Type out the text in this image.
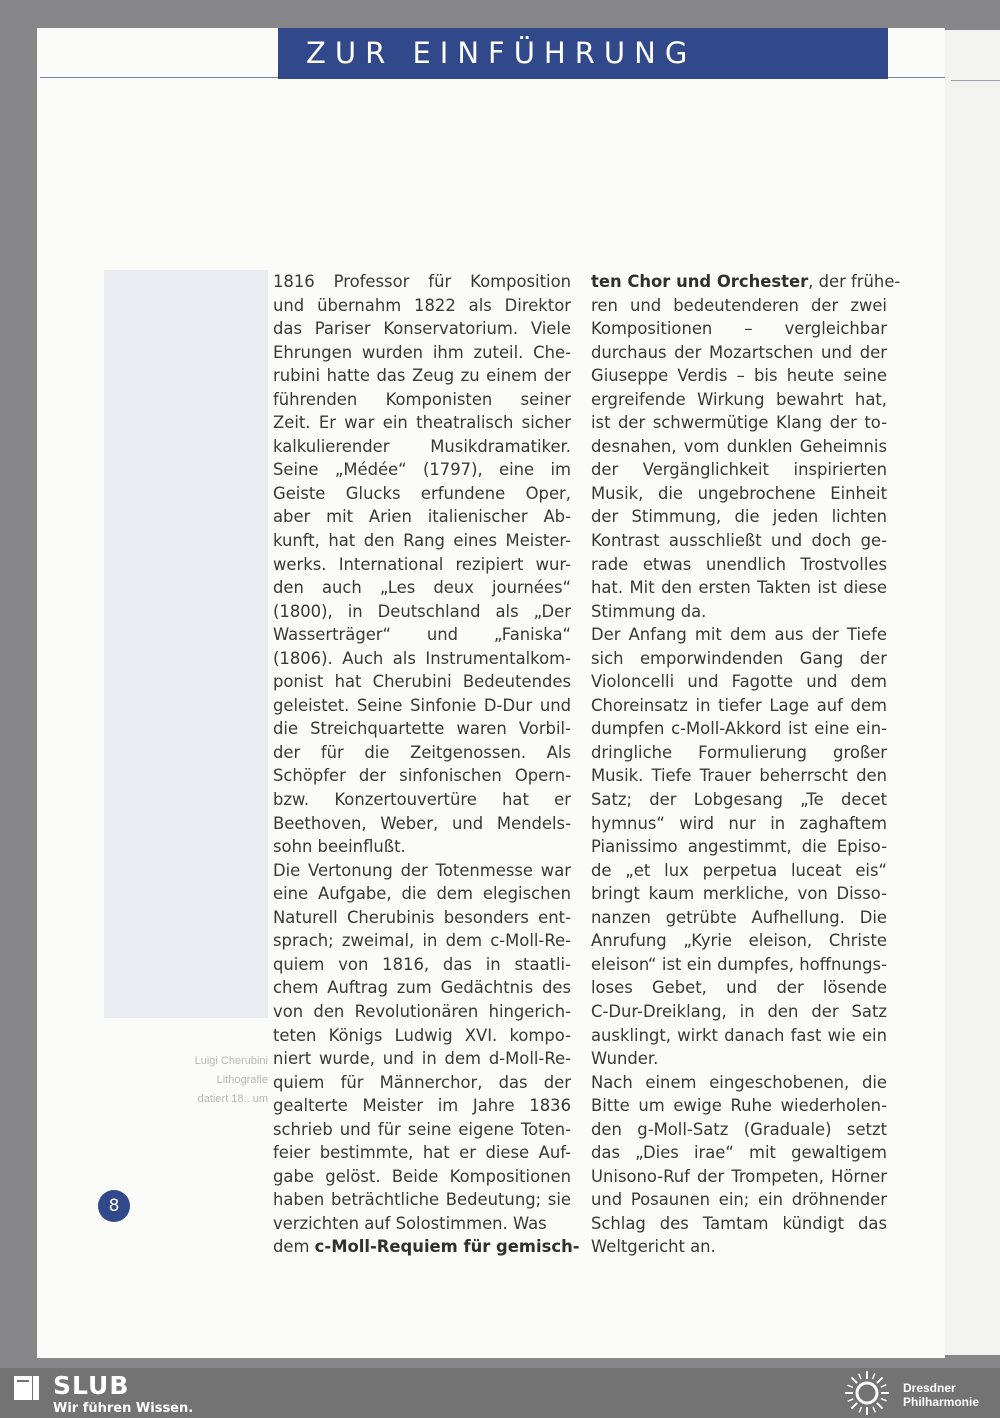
ZUR EINFÜHRUNG
Luigi Cherubini
Lithografie
datiert 18.. um
8
1816 Professor für Komposition
und übernahm 1822 als Direktor
das Pariser Konservatorium. Viele
Ehrungen wurden ihm zuteil. Che-
rubini hatte das Zeug zu einem der
führenden Komponisten seiner
Zeit. Er war ein theatralisch sicher
kalkulierender Musikdramatiker.
Seine „Médée“ (1797), eine im
Geiste Glucks erfundene Oper,
aber mit Arien italienischer Ab-
kunft, hat den Rang eines Meister-
werks. International rezipiert wur-
den auch „Les deux journées“
(1800), in Deutschland als „Der
Wasserträger“ und „Faniska“
(1806). Auch als Instrumentalkom-
ponist hat Cherubini Bedeutendes
geleistet. Seine Sinfonie D-Dur und
die Streichquartette waren Vorbil-
der für die Zeitgenossen. Als
Schöpfer der sinfonischen Opern-
bzw. Konzertouvertüre hat er
Beethoven, Weber, und Mendels-
sohn beeinflußt.
Die Vertonung der Totenmesse war
eine Aufgabe, die dem elegischen
Naturell Cherubinis besonders ent-
sprach; zweimal, in dem c-Moll-Re-
quiem von 1816, das in staatli-
chem Auftrag zum Gedächtnis des
von den Revolutionären hingerich-
teten Königs Ludwig XVI. kompo-
niert wurde, und in dem d-Moll-Re-
quiem für Männerchor, das der
gealterte Meister im Jahre 1836
schrieb und für seine eigene Toten-
feier bestimmte, hat er diese Auf-
gabe gelöst. Beide Kompositionen
haben beträchtliche Bedeutung; sie
verzichten auf Solostimmen. Was
dem c-Moll-Requiem für gemisch-
ten Chor und Orchester, der frühe-
ren und bedeutenderen der zwei
Kompositionen – vergleichbar
durchaus der Mozartschen und der
Giuseppe Verdis – bis heute seine
ergreifende Wirkung bewahrt hat,
ist der schwermütige Klang der to-
desnahen, vom dunklen Geheimnis
der Vergänglichkeit inspirierten
Musik, die ungebrochene Einheit
der Stimmung, die jeden lichten
Kontrast ausschließt und doch ge-
rade etwas unendlich Trostvolles
hat. Mit den ersten Takten ist diese
Stimmung da.
Der Anfang mit dem aus der Tiefe
sich emporwindenden Gang der
Violoncelli und Fagotte und dem
Choreinsatz in tiefer Lage auf dem
dumpfen c-Moll-Akkord ist eine ein-
dringliche Formulierung großer
Musik. Tiefe Trauer beherrscht den
Satz; der Lobgesang „Te decet
hymnus“ wird nur in zaghaftem
Pianissimo angestimmt, die Episo-
de „et lux perpetua luceat eis“
bringt kaum merkliche, von Disso-
nanzen getrübte Aufhellung. Die
Anrufung „Kyrie eleison, Christe
eleison“ ist ein dumpfes, hoffnungs-
loses Gebet, und der lösende
C-Dur-Dreiklang, in den der Satz
ausklingt, wirkt danach fast wie ein
Wunder.
Nach einem eingeschobenen, die
Bitte um ewige Ruhe wiederholen-
den g-Moll-Satz (Graduale) setzt
das „Dies irae“ mit gewaltigem
Unisono-Ruf der Trompeten, Hörner
und Posaunen ein; ein dröhnender
Schlag des Tamtam kündigt das
Weltgericht an.
SLUB
Wir führen Wissen.
Dresdner
Philharmonie
